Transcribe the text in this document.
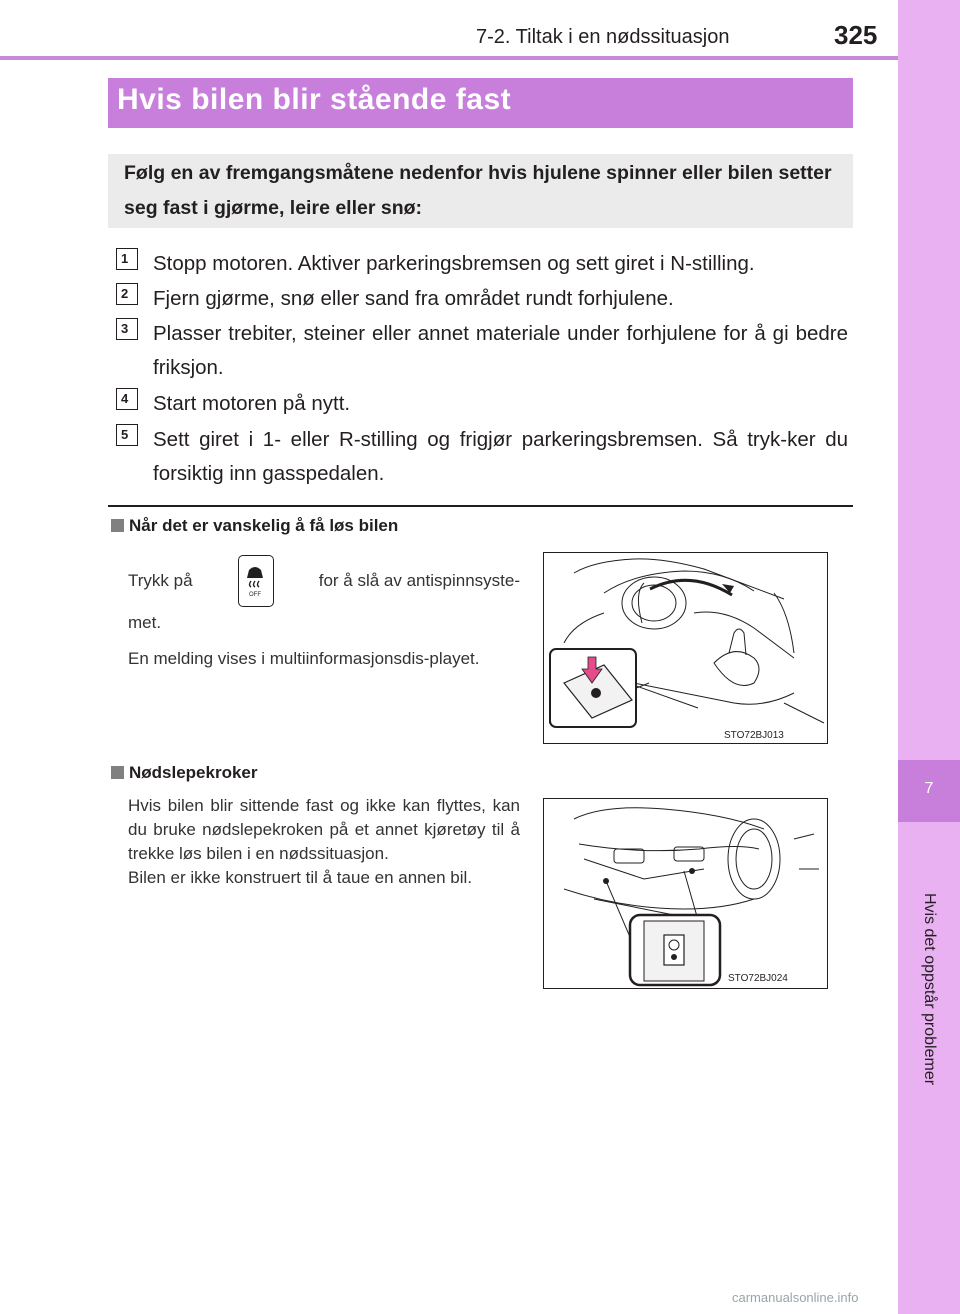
7-2. Tiltak i en nødssituasjon	325
7
Hvis det oppstår problemer
Hvis bilen blir stående fast
Følg en av fremgangsmåtene nedenfor hvis hjulene spinner eller bilen setter seg fast i gjørme, leire eller snø:
1	Stopp motoren. Aktiver parkeringsbremsen og sett giret i N-stilling.
2	Fjern gjørme, snø eller sand fra området rundt forhjulene.
3	Plasser trebiter, steiner eller annet materiale under forhjulene for å gi bedre friksjon.
4	Start motoren på nytt.
5	Sett giret i 1- eller R-stilling og frigjør parkeringsbremsen. Så tryk-ker du forsiktig inn gasspedalen.
Når det er vanskelig å få løs bilen
Trykk på
OFF
for å slå av antispinnsyste-
met.
En melding vises i multiinformasjonsdis-playet.
STO72BJ013
Nødslepekroker
Hvis bilen blir sittende fast og ikke kan flyttes, kan du bruke nødslepekroken på et annet kjøretøy til å trekke løs bilen i en nødssituasjon.
Bilen er ikke konstruert til å taue en annen bil.
STO72BJ024
carmanualsonline.info
